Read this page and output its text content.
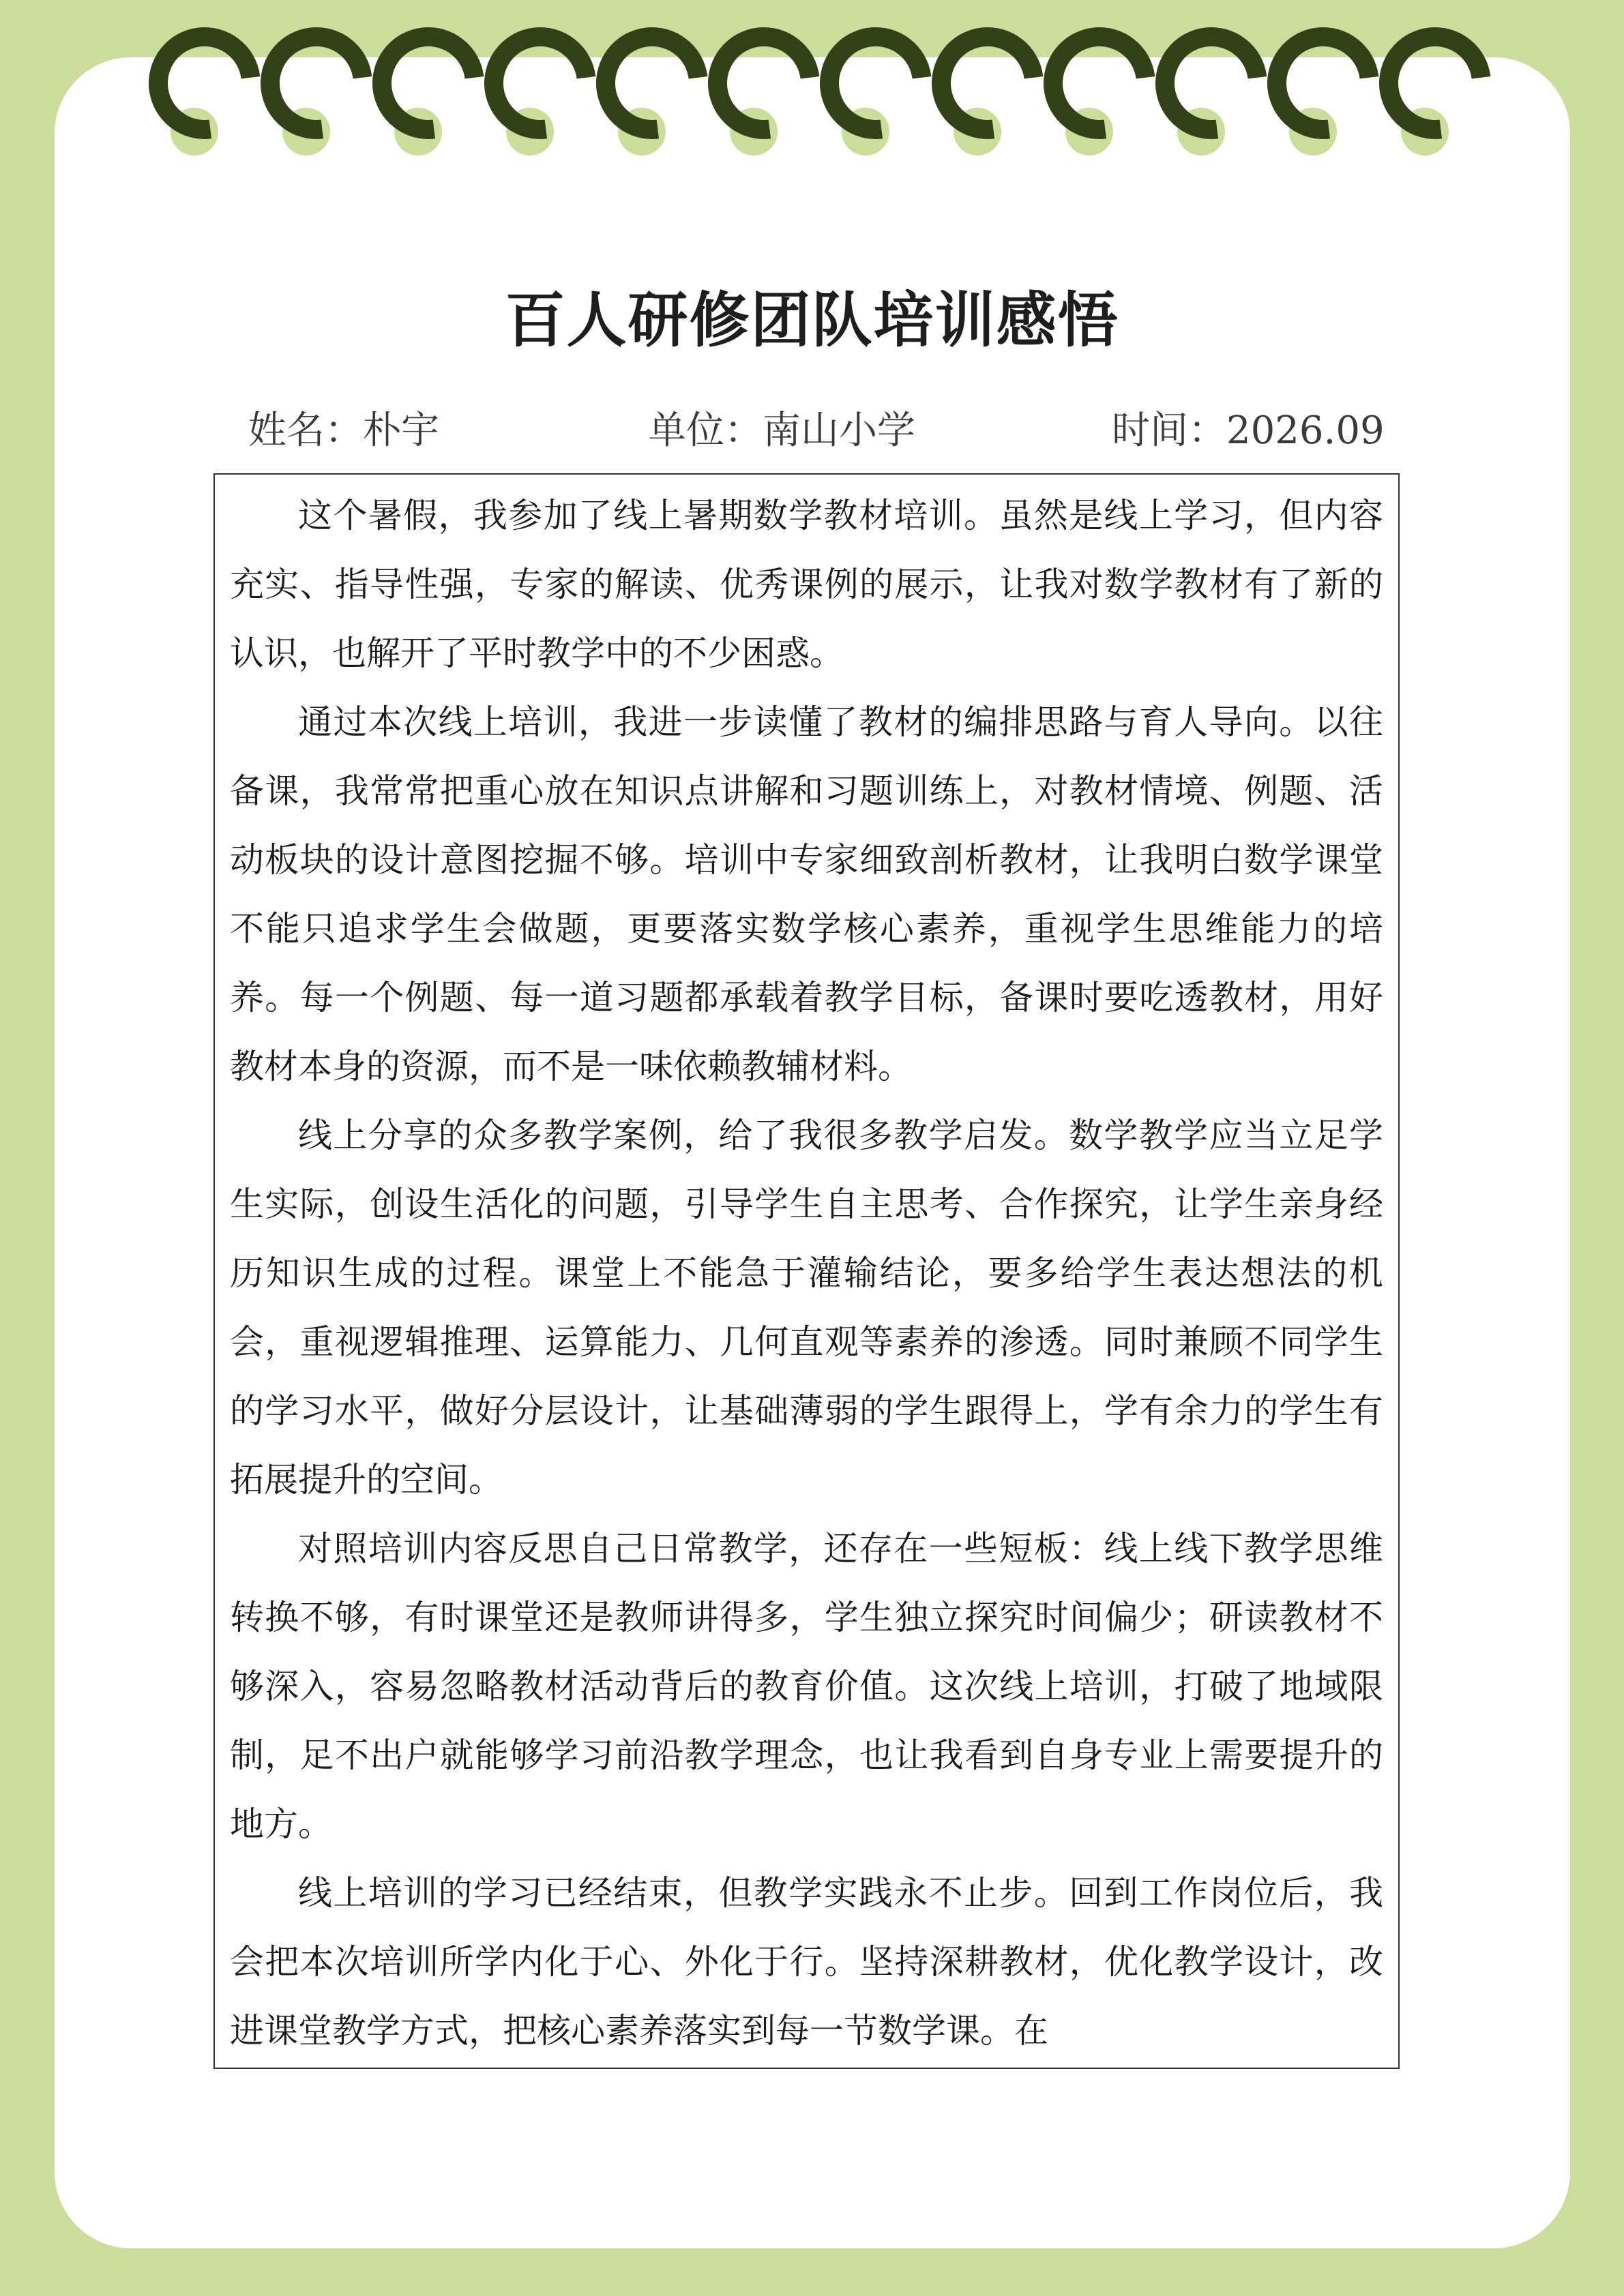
百人研修团队培训感悟
姓名：朴宇	单位：南山小学	时间：2026.09

这个暑假，我参加了线上暑期数学教材培训。虽然是线上学习，但内容充实、指导性强，专家的解读、优秀课例的展示，让我对数学教材有了新的认识，也解开了平时教学中的不少困惑。

通过本次线上培训，我进一步读懂了教材的编排思路与育人导向。以往备课，我常常把重心放在知识点讲解和习题训练上，对教材情境、例题、活动板块的设计意图挖掘不够。培训中专家细致剖析教材，让我明白数学课堂不能只追求学生会做题，更要落实数学核心素养，重视学生思维能力的培养。每一个例题、每一道习题都承载着教学目标，备课时要吃透教材，用好教材本身的资源，而不是一味依赖教辅材料。

线上分享的众多教学案例，给了我很多教学启发。数学教学应当立足学生实际，创设生活化的问题，引导学生自主思考、合作探究，让学生亲身经历知识生成的过程。课堂上不能急于灌输结论，要多给学生表达想法的机会，重视逻辑推理、运算能力、几何直观等素养的渗透。同时兼顾不同学生的学习水平，做好分层设计，让基础薄弱的学生跟得上，学有余力的学生有拓展提升的空间。

对照培训内容反思自己日常教学，还存在一些短板：线上线下教学思维转换不够，有时课堂还是教师讲得多，学生独立探究时间偏少；研读教材不够深入，容易忽略教材活动背后的教育价值。这次线上培训，打破了地域限制，足不出户就能够学习前沿教学理念，也让我看到自身专业上需要提升的地方。

线上培训的学习已经结束，但教学实践永不止步。回到工作岗位后，我会把本次培训所学内化于心、外化于行。坚持深耕教材，优化教学设计，改进课堂教学方式，把核心素养落实到每一节数学课。在
